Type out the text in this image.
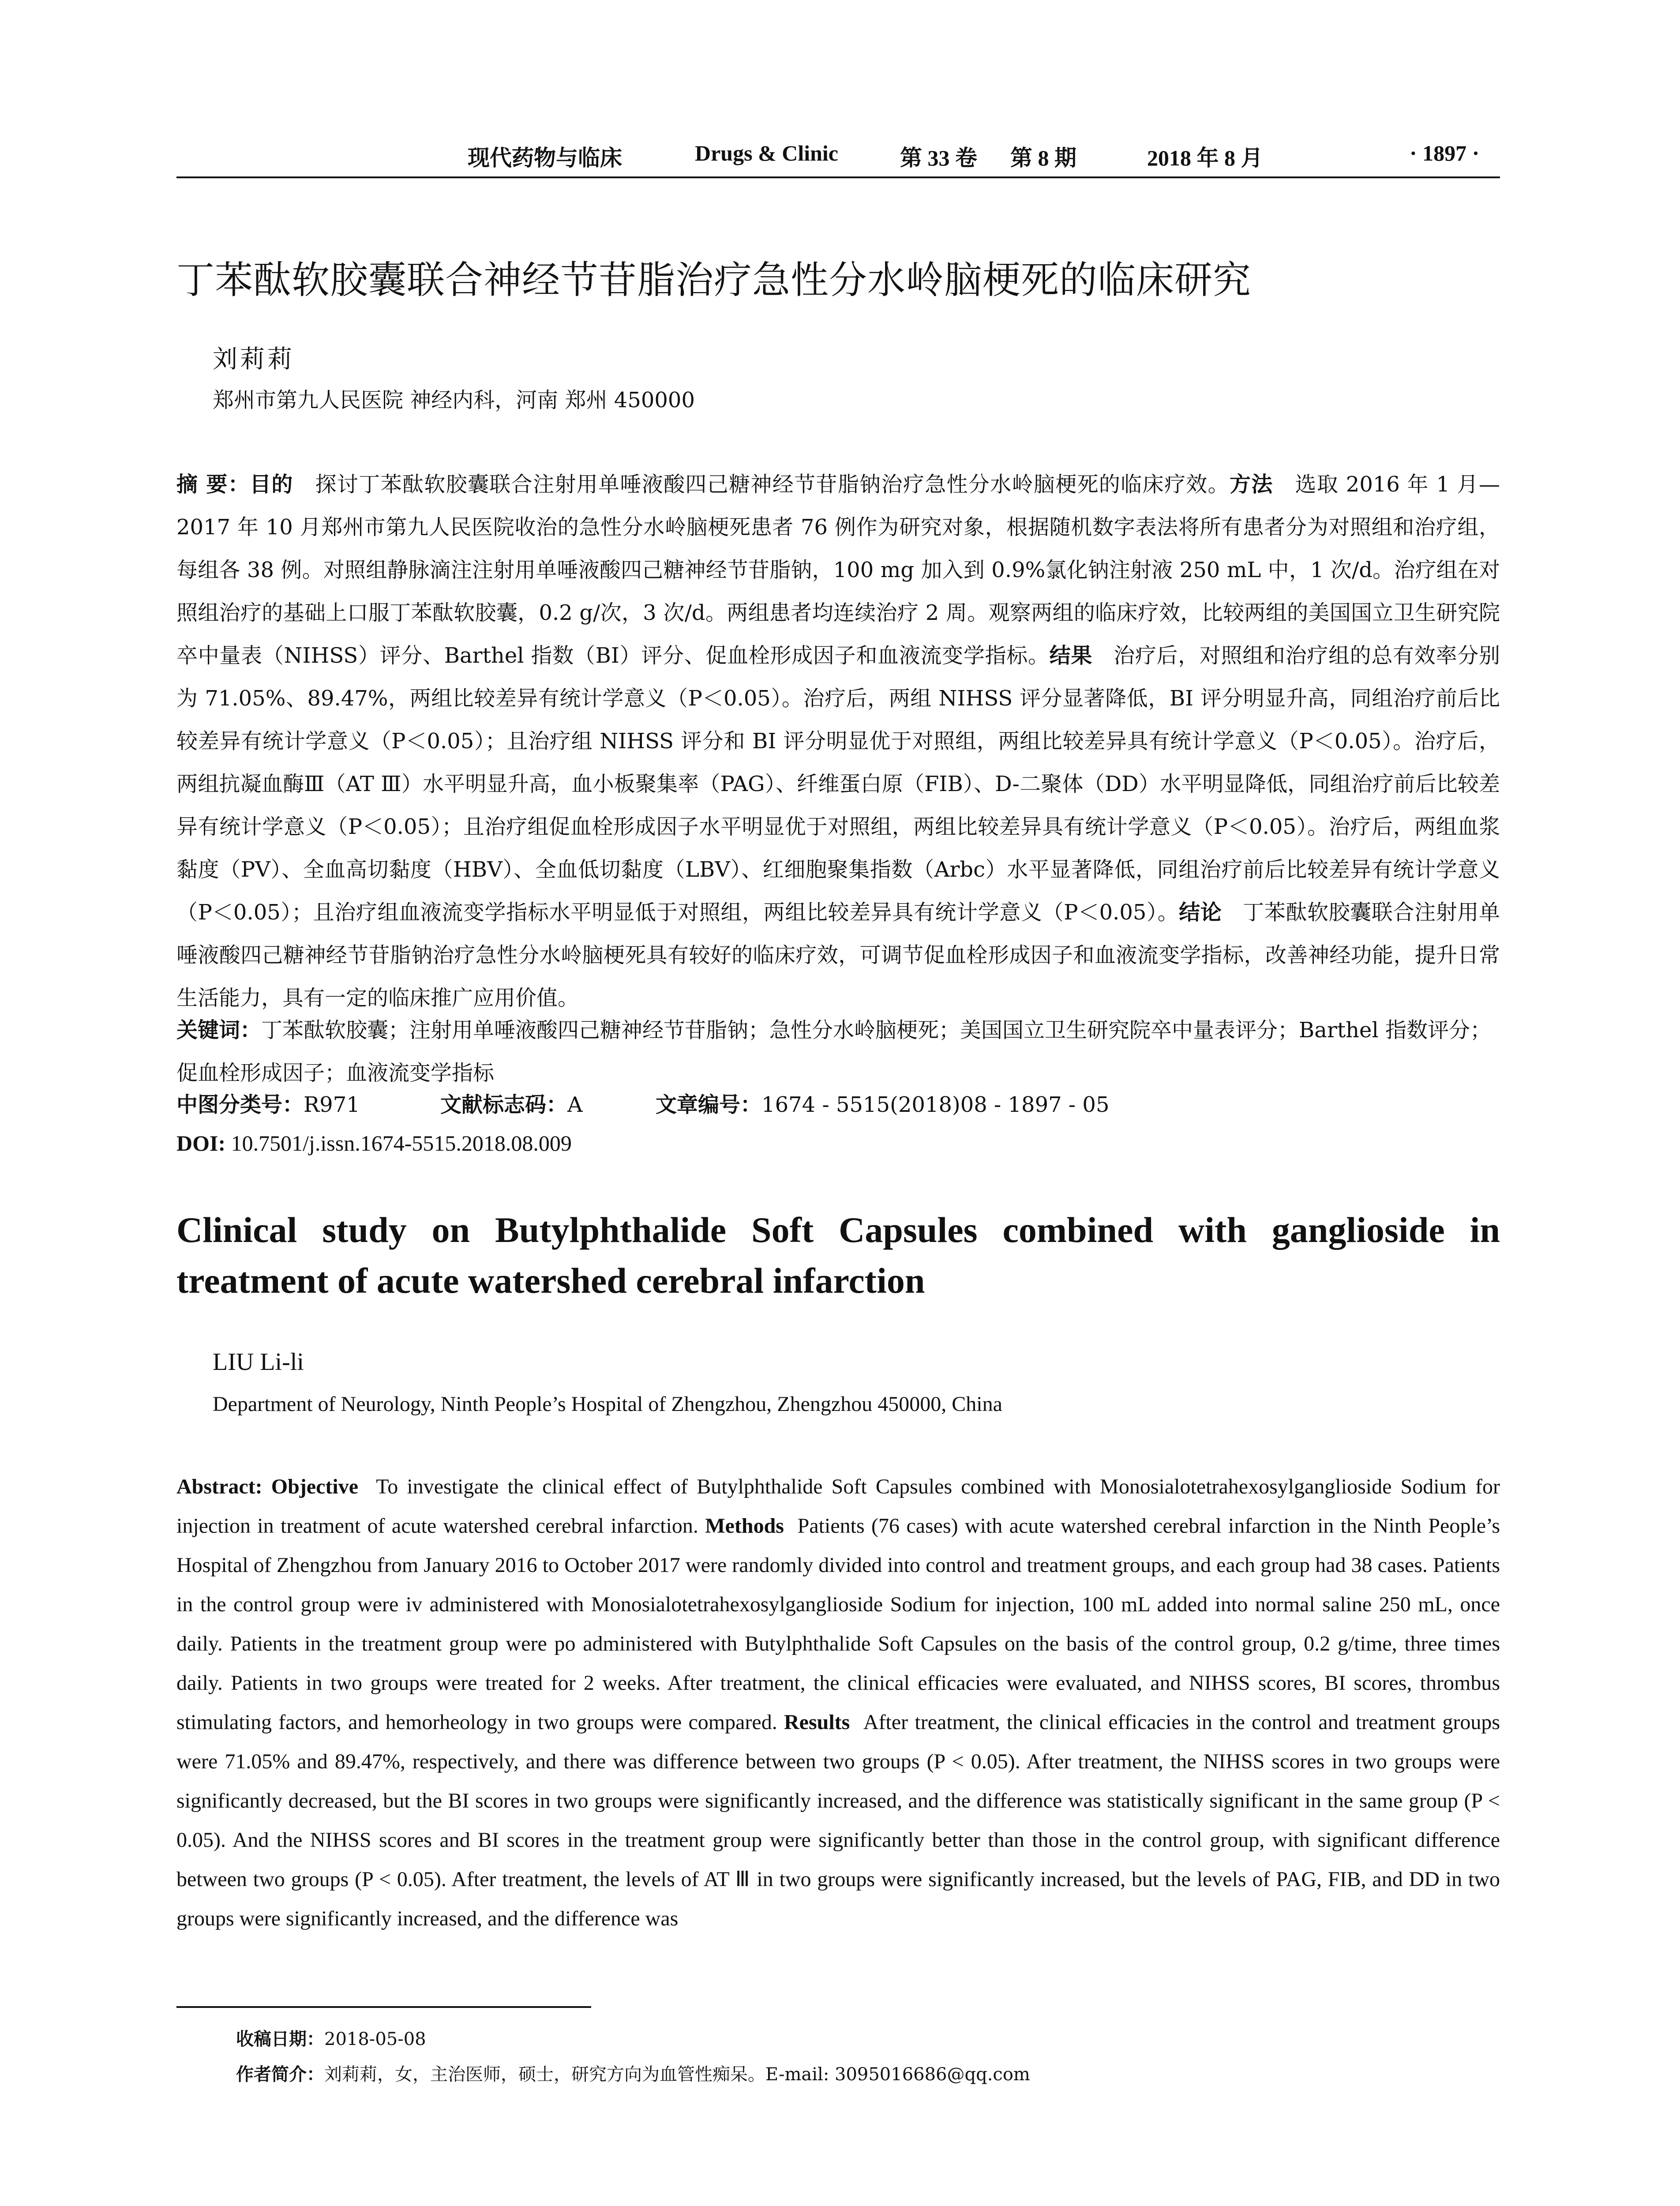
现代药物与临床	Drugs & Clinic	第 33 卷 第 8 期	2018 年 8 月	· 1897 ·
丁苯酞软胶囊联合神经节苷脂治疗急性分水岭脑梗死的临床研究
刘莉莉
郑州市第九人民医院 神经内科，河南 郑州 450000
摘 要：目的 探讨丁苯酞软胶囊联合注射用单唾液酸四己糖神经节苷脂钠治疗急性分水岭脑梗死的临床疗效。方法 选取 2016 年 1 月—2017 年 10 月郑州市第九人民医院收治的急性分水岭脑梗死患者 76 例作为研究对象，根据随机数字表法将所有患者分为对照组和治疗组，每组各 38 例。对照组静脉滴注注射用单唾液酸四己糖神经节苷脂钠，100 mg 加入到 0.9%氯化钠注射液 250 mL 中，1 次/d。治疗组在对照组治疗的基础上口服丁苯酞软胶囊，0.2 g/次，3 次/d。两组患者均连续治疗 2 周。观察两组的临床疗效，比较两组的美国国立卫生研究院卒中量表（NIHSS）评分、Barthel 指数（BI）评分、促血栓形成因子和血液流变学指标。结果 治疗后，对照组和治疗组的总有效率分别为 71.05%、89.47%，两组比较差异有统计学意义（P＜0.05）。治疗后，两组 NIHSS 评分显著降低，BI 评分明显升高，同组治疗前后比较差异有统计学意义（P＜0.05）；且治疗组 NIHSS 评分和 BI 评分明显优于对照组，两组比较差异具有统计学意义（P＜0.05）。治疗后，两组抗凝血酶Ⅲ（AT Ⅲ）水平明显升高，血小板聚集率（PAG）、纤维蛋白原（FIB）、D-二聚体（DD）水平明显降低，同组治疗前后比较差异有统计学意义（P＜0.05）；且治疗组促血栓形成因子水平明显优于对照组，两组比较差异具有统计学意义（P＜0.05）。治疗后，两组血浆黏度（PV）、全血高切黏度（HBV）、全血低切黏度（LBV）、红细胞聚集指数（Arbc）水平显著降低，同组治疗前后比较差异有统计学意义（P＜0.05）；且治疗组血液流变学指标水平明显低于对照组，两组比较差异具有统计学意义（P＜0.05）。结论 丁苯酞软胶囊联合注射用单唾液酸四己糖神经节苷脂钠治疗急性分水岭脑梗死具有较好的临床疗效，可调节促血栓形成因子和血液流变学指标，改善神经功能，提升日常生活能力，具有一定的临床推广应用价值。
关键词：丁苯酞软胶囊；注射用单唾液酸四己糖神经节苷脂钠；急性分水岭脑梗死；美国国立卫生研究院卒中量表评分；Barthel 指数评分；促血栓形成因子；血液流变学指标
中图分类号：R971	文献标志码：A	文章编号：1674 - 5515(2018)08 - 1897 - 05
DOI: 10.7501/j.issn.1674-5515.2018.08.009
Clinical study on Butylphthalide Soft Capsules combined with ganglioside in treatment of acute watershed cerebral infarction
LIU Li-li
Department of Neurology, Ninth People’s Hospital of Zhengzhou, Zhengzhou 450000, China
Abstract: Objective To investigate the clinical effect of Butylphthalide Soft Capsules combined with Monosialotetrahexosylganglioside Sodium for injection in treatment of acute watershed cerebral infarction. Methods Patients (76 cases) with acute watershed cerebral infarction in the Ninth People’s Hospital of Zhengzhou from January 2016 to October 2017 were randomly divided into control and treatment groups, and each group had 38 cases. Patients in the control group were iv administered with Monosialotetrahexosylganglioside Sodium for injection, 100 mL added into normal saline 250 mL, once daily. Patients in the treatment group were po administered with Butylphthalide Soft Capsules on the basis of the control group, 0.2 g/time, three times daily. Patients in two groups were treated for 2 weeks. After treatment, the clinical efficacies were evaluated, and NIHSS scores, BI scores, thrombus stimulating factors, and hemorheology in two groups were compared. Results After treatment, the clinical efficacies in the control and treatment groups were 71.05% and 89.47%, respectively, and there was difference between two groups (P < 0.05). After treatment, the NIHSS scores in two groups were significantly decreased, but the BI scores in two groups were significantly increased, and the difference was statistically significant in the same group (P < 0.05). And the NIHSS scores and BI scores in the treatment group were significantly better than those in the control group, with significant difference between two groups (P < 0.05). After treatment, the levels of AT Ⅲ in two groups were significantly increased, but the levels of PAG, FIB, and DD in two groups were significantly increased, and the difference was
收稿日期：2018-05-08
作者简介：刘莉莉，女，主治医师，硕士，研究方向为血管性痴呆。E-mail: 3095016686@qq.com
